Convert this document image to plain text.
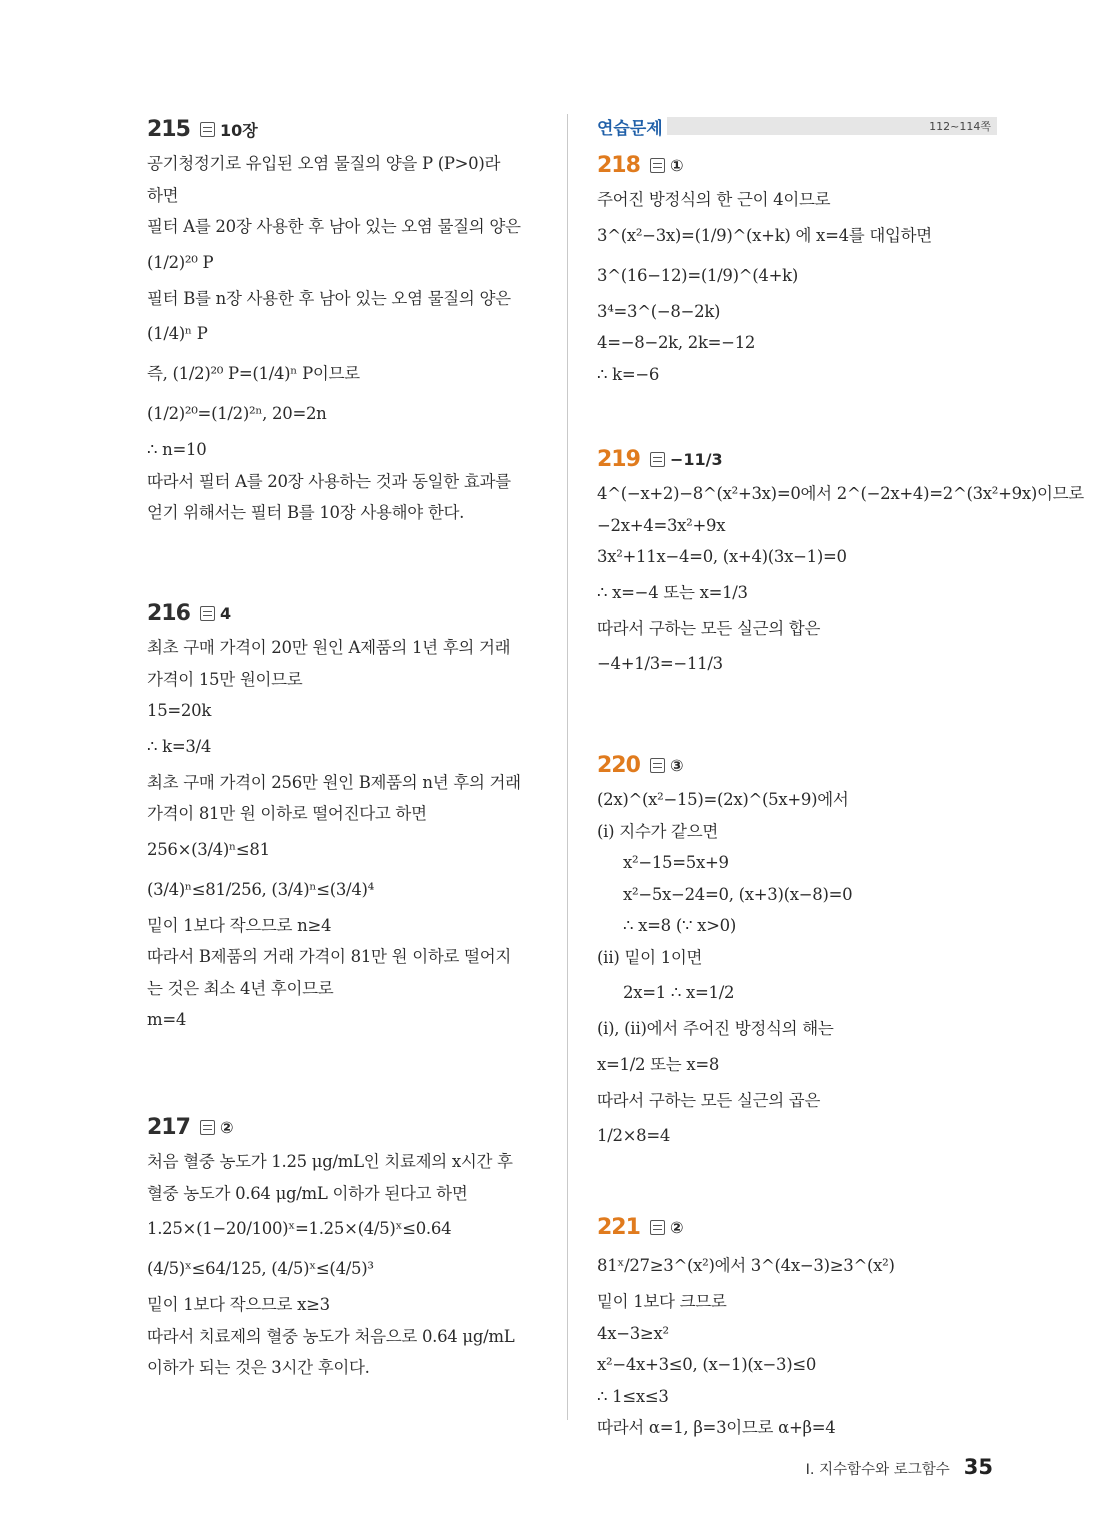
215 10장
공기청정기로 유입된 오염 물질의 양을 P (P>0)라
하면
필터 A를 20장 사용한 후 남아 있는 오염 물질의 양은
(1/2)²⁰ P
필터 B를 n장 사용한 후 남아 있는 오염 물질의 양은
(1/4)ⁿ P
즉, (1/2)²⁰ P=(1/4)ⁿ P이므로
(1/2)²⁰=(1/2)²ⁿ, 20=2n
∴ n=10
따라서 필터 A를 20장 사용하는 것과 동일한 효과를
얻기 위해서는 필터 B를 10장 사용해야 한다.
216 4
최초 구매 가격이 20만 원인 A제품의 1년 후의 거래
가격이 15만 원이므로
15=20k
∴ k=3/4
최초 구매 가격이 256만 원인 B제품의 n년 후의 거래
가격이 81만 원 이하로 떨어진다고 하면
256×(3/4)ⁿ≤81
(3/4)ⁿ≤81/256, (3/4)ⁿ≤(3/4)⁴
밑이 1보다 작으므로 n≥4
따라서 B제품의 거래 가격이 81만 원 이하로 떨어지
는 것은 최소 4년 후이므로
m=4
217 ②
처음 혈중 농도가 1.25 μg/mL인 치료제의 x시간 후
혈중 농도가 0.64 μg/mL 이하가 된다고 하면
1.25×(1−20/100)ˣ=1.25×(4/5)ˣ≤0.64
(4/5)ˣ≤64/125, (4/5)ˣ≤(4/5)³
밑이 1보다 작으므로 x≥3
따라서 치료제의 혈중 농도가 처음으로 0.64 μg/mL
이하가 되는 것은 3시간 후이다.
연습문제	112~114쪽
218 ①
주어진 방정식의 한 근이 4이므로
3^(x²−3x)=(1/9)^(x+k) 에 x=4를 대입하면
3^(16−12)=(1/9)^(4+k)
3⁴=3^(−8−2k)
4=−8−2k, 2k=−12
∴ k=−6
219 −11/3
4^(−x+2)−8^(x²+3x)=0에서 2^(−2x+4)=2^(3x²+9x)이므로
−2x+4=3x²+9x
3x²+11x−4=0, (x+4)(3x−1)=0
∴ x=−4 또는 x=1/3
따라서 구하는 모든 실근의 합은
−4+1/3=−11/3
220 ③
(2x)^(x²−15)=(2x)^(5x+9)에서
(ⅰ) 지수가 같으면
x²−15=5x+9
x²−5x−24=0, (x+3)(x−8)=0
∴ x=8 (∵ x>0)
(ⅱ) 밑이 1이면
2x=1 ∴ x=1/2
(ⅰ), (ⅱ)에서 주어진 방정식의 해는
x=1/2 또는 x=8
따라서 구하는 모든 실근의 곱은
1/2×8=4
221 ②
81ˣ/27≥3^(x²)에서 3^(4x−3)≥3^(x²)
밑이 1보다 크므로
4x−3≥x²
x²−4x+3≤0, (x−1)(x−3)≤0
∴ 1≤x≤3
따라서 α=1, β=3이므로 α+β=4
Ⅰ. 지수함수와 로그함수 35
